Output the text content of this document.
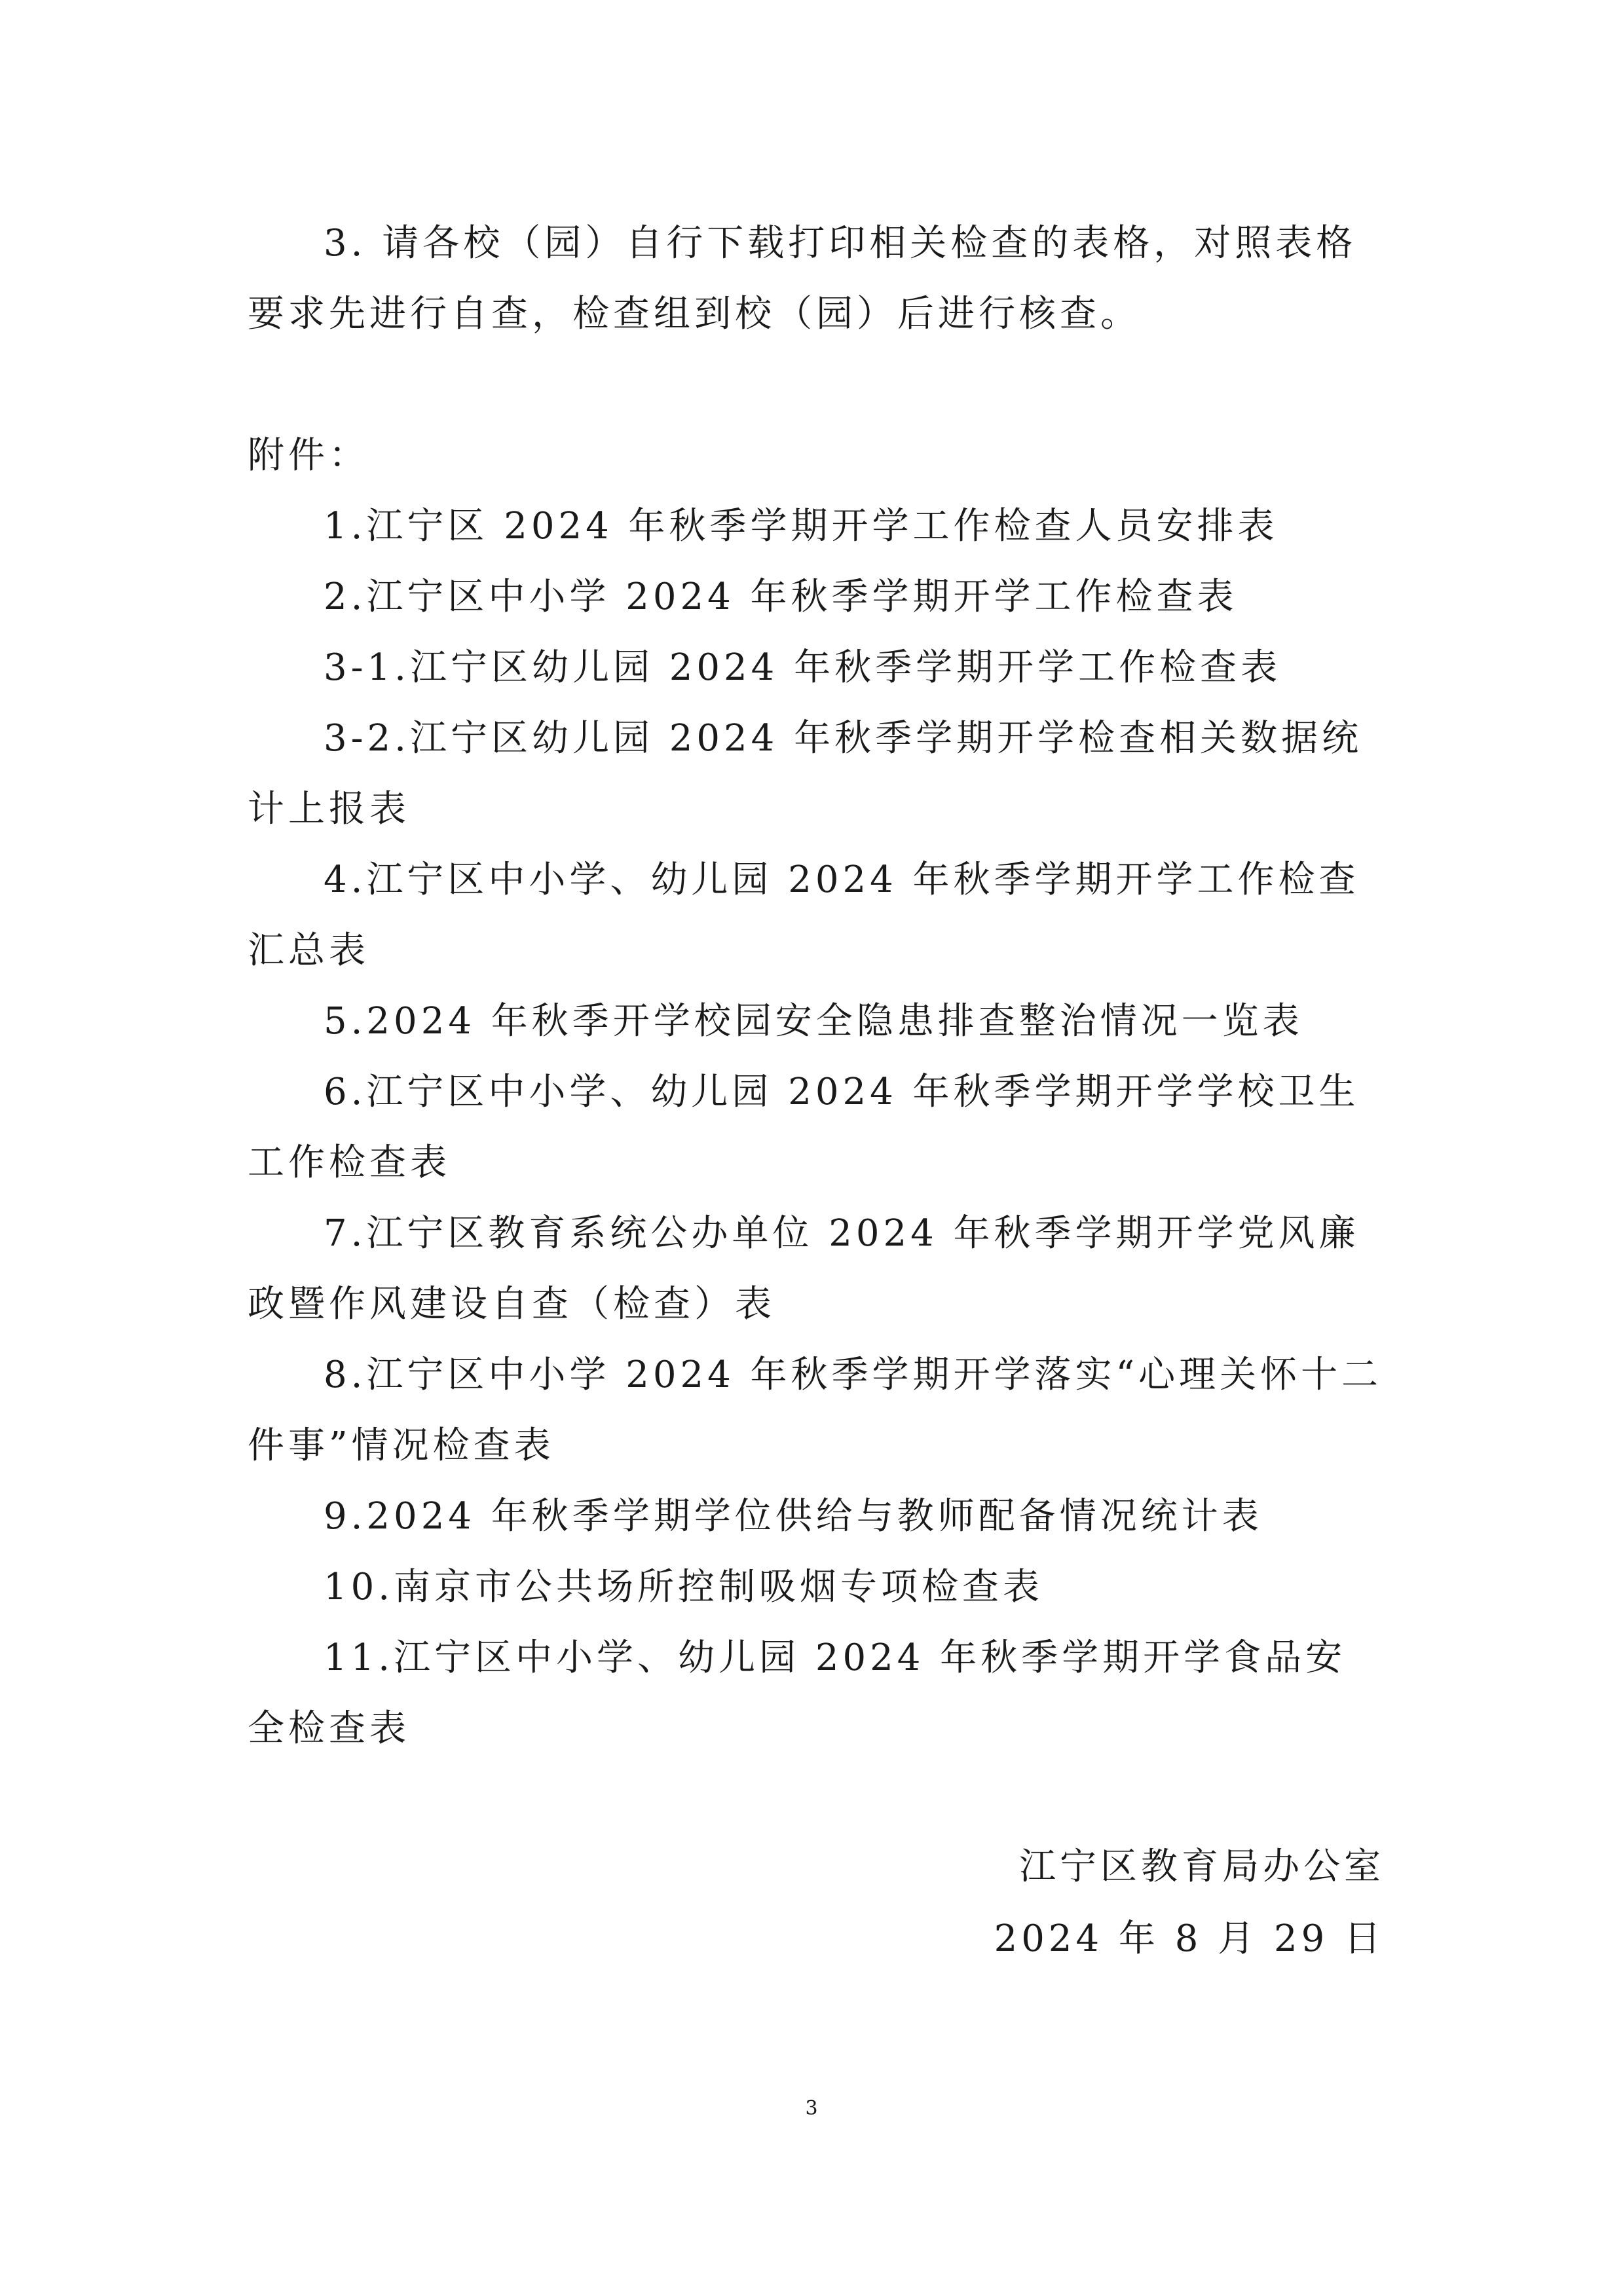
3. 请各校（园）自行下载打印相关检查的表格，对照表格要求先进行自查，检查组到校（园）后进行核查。

附件：

1.江宁区 2024 年秋季学期开学工作检查人员安排表
2.江宁区中小学 2024 年秋季学期开学工作检查表
3-1.江宁区幼儿园 2024 年秋季学期开学工作检查表
3-2.江宁区幼儿园 2024 年秋季学期开学检查相关数据统计上报表
4.江宁区中小学、幼儿园 2024 年秋季学期开学工作检查汇总表
5.2024 年秋季开学校园安全隐患排查整治情况一览表
6.江宁区中小学、幼儿园 2024 年秋季学期开学学校卫生工作检查表
7.江宁区教育系统公办单位 2024 年秋季学期开学党风廉政暨作风建设自查（检查）表
8.江宁区中小学 2024 年秋季学期开学落实“心理关怀十二件事”情况检查表
9.2024 年秋季学期学位供给与教师配备情况统计表
10.南京市公共场所控制吸烟专项检查表
11.江宁区中小学、幼儿园 2024 年秋季学期开学食品安全检查表
江宁区教育局办公室
2024 年 8 月 29 日
3
